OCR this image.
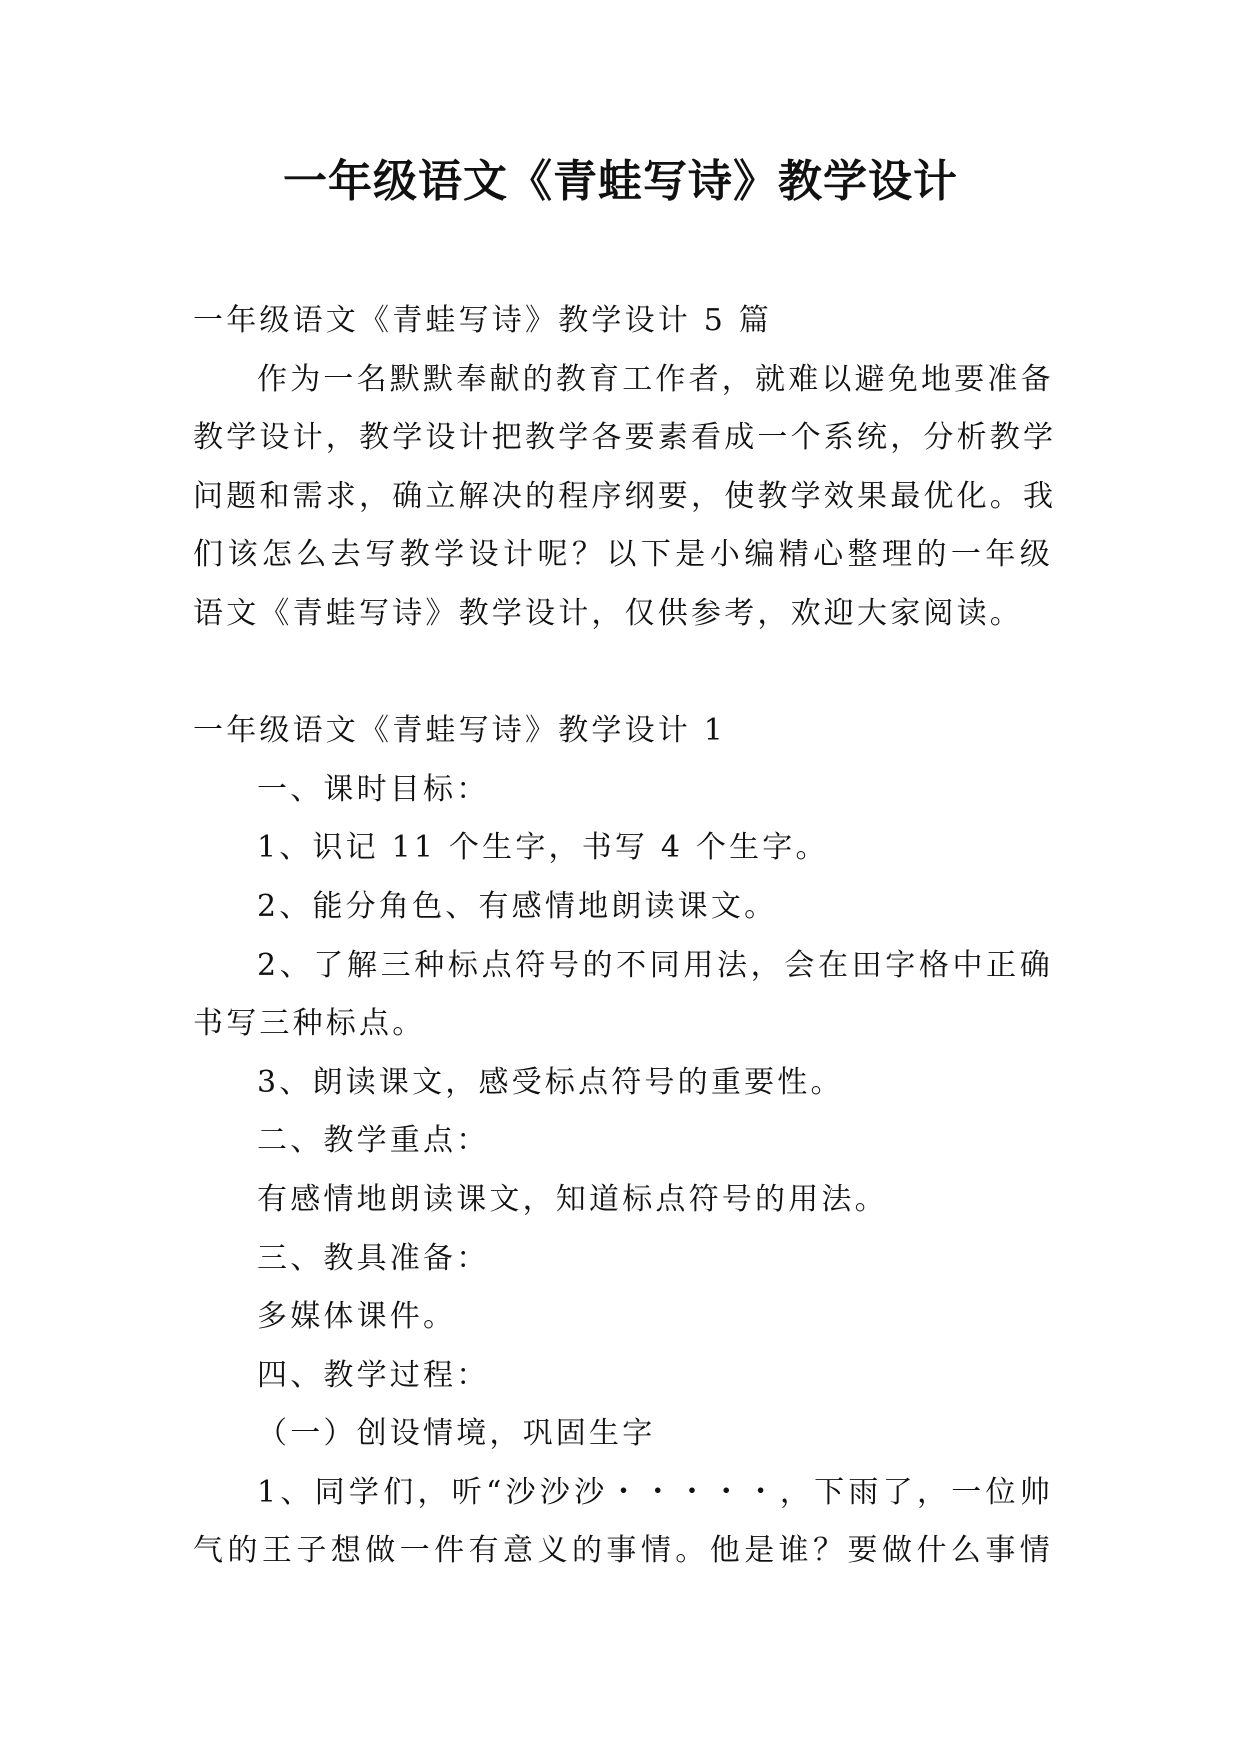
一年级语文《青蛙写诗》教学设计
一年级语文《青蛙写诗》教学设计 5 篇
作为一名默默奉献的教育工作者，就难以避免地要准备
教学设计，教学设计把教学各要素看成一个系统，分析教学
问题和需求，确立解决的程序纲要，使教学效果最优化。我
们该怎么去写教学设计呢？以下是小编精心整理的一年级
语文《青蛙写诗》教学设计，仅供参考，欢迎大家阅读。
一年级语文《青蛙写诗》教学设计 1
一、课时目标：
1、识记 11 个生字，书写 4 个生字。
2、能分角色、有感情地朗读课文。
2、了解三种标点符号的不同用法，会在田字格中正确
书写三种标点。
3、朗读课文，感受标点符号的重要性。
二、教学重点：
有感情地朗读课文，知道标点符号的用法。
三、教具准备：
多媒体课件。
四、教学过程：
（一）创设情境，巩固生字
1、同学们，听“沙沙沙・・・・・，下雨了，一位帅
气的王子想做一件有意义的事情。他是谁？要做什么事情
